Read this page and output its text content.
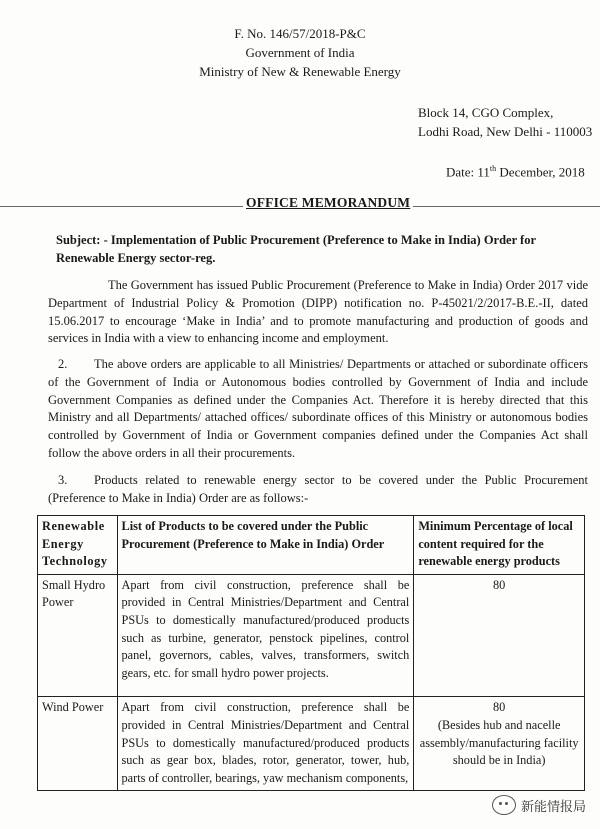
F. No. 146/57/2018-P&C
Government of India
Ministry of New & Renewable Energy
Block 14, CGO Complex,
Lodhi Road, New Delhi - 110003
Date: 11th December, 2018
OFFICE MEMORANDUM
Subject: - Implementation of Public Procurement (Preference to Make in India) Order for Renewable Energy sector-reg.
The Government has issued Public Procurement (Preference to Make in India) Order 2017 vide Department of Industrial Policy & Promotion (DIPP) notification no. P-45021/2/2017-B.E.-II, dated 15.06.2017 to encourage ‘Make in India’ and to promote manufacturing and production of goods and services in India with a view to enhancing income and employment.
2. The above orders are applicable to all Ministries/ Departments or attached or subordinate officers of the Government of India or Autonomous bodies controlled by Government of India and include Government Companies as defined under the Companies Act. Therefore it is hereby directed that this Ministry and all Departments/ attached offices/ subordinate offices of this Ministry or autonomous bodies controlled by Government of India or Government companies defined under the Companies Act shall follow the above orders in all their procurements.
3. Products related to renewable energy sector to be covered under the Public Procurement (Preference to Make in India) Order are as follows:-
Renewable Energy Technology	List of Products to be covered under the Public Procurement (Preference to Make in India) Order	Minimum Percentage of local content required for the renewable energy products
Small Hydro Power	Apart from civil construction, preference shall be provided in Central Ministries/Department and Central PSUs to domestically manufactured/produced products such as turbine, generator, penstock pipelines, control panel, governors, cables, valves, transformers, switch gears, etc. for small hydro power projects.	80
Wind Power	Apart from civil construction, preference shall be provided in Central Ministries/Department and Central PSUs to domestically manufactured/produced products such as gear box, blades, rotor, generator, tower, hub, parts of controller, bearings, yaw mechanism components,	80
(Besides hub and nacelle assembly/manufacturing facility should be in India)
新能情报局
